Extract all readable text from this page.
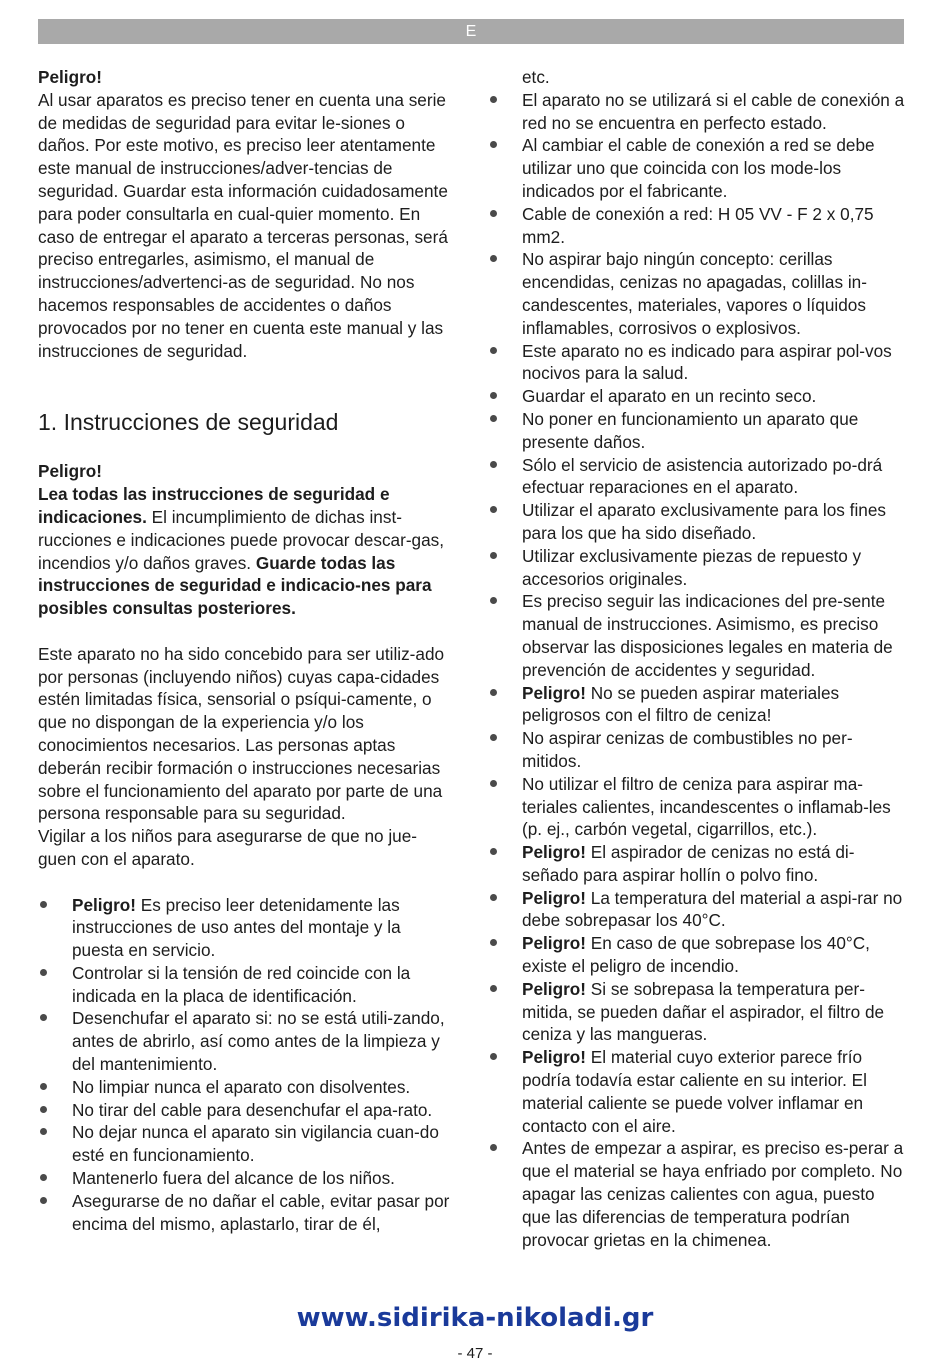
E

Peligro!

Al usar aparatos es preciso tener en cuenta una serie de medidas de seguridad para evitar le-siones o daños. Por este motivo, es preciso leer atentamente este manual de instrucciones/adver-tencias de seguridad. Guardar esta información cuidadosamente para poder consultarla en cual-quier momento. En caso de entregar el aparato a terceras personas, será preciso entregarles, asimismo, el manual de instrucciones/advertenci-as de seguridad. No nos hacemos responsables de accidentes o daños provocados por no tener en cuenta este manual y las instrucciones de seguridad.

1. Instrucciones de seguridad

Peligro!

Lea todas las instrucciones de seguridad e indicaciones. El incumplimiento de dichas inst-rucciones e indicaciones puede provocar descar-gas, incendios y/o daños graves. Guarde todas las instrucciones de seguridad e indicacio-nes para posibles consultas posteriores.

Este aparato no ha sido concebido para ser utiliz-ado por personas (incluyendo niños) cuyas capa-cidades estén limitadas física, sensorial o psíqui-camente, o que no dispongan de la experiencia y/o los conocimientos necesarios. Las personas aptas deberán recibir formación o instrucciones necesarias sobre el funcionamiento del aparato por parte de una persona responsable para su seguridad.

Vigilar a los niños para asegurarse de que no jue-guen con el aparato.

Peligro! Es preciso leer detenidamente las instrucciones de uso antes del montaje y la puesta en servicio.
Controlar si la tensión de red coincide con la indicada en la placa de identificación.
Desenchufar el aparato si: no se está utili-zando, antes de abrirlo, así como antes de la limpieza y del mantenimiento.
No limpiar nunca el aparato con disolventes.
No tirar del cable para desenchufar el apa-rato.
No dejar nunca el aparato sin vigilancia cuan-do esté en funcionamiento.
Mantenerlo fuera del alcance de los niños.
Asegurarse de no dañar el cable, evitar pasar por encima del mismo, aplastarlo, tirar de él,

etc.

El aparato no se utilizará si el cable de conexión a red no se encuentra en perfecto estado.
Al cambiar el cable de conexión a red se debe utilizar uno que coincida con los mode-los indicados por el fabricante.
Cable de conexión a red: H 05 VV - F 2 x 0,75 mm2.
No aspirar bajo ningún concepto: cerillas encendidas, cenizas no apagadas, colillas in-candescentes, materiales, vapores o líquidos inflamables, corrosivos o explosivos.
Este aparato no es indicado para aspirar pol-vos nocivos para la salud.
Guardar el aparato en un recinto seco.
No poner en funcionamiento un aparato que presente daños.
Sólo el servicio de asistencia autorizado po-drá efectuar reparaciones en el aparato.
Utilizar el aparato exclusivamente para los fines para los que ha sido diseñado.
Utilizar exclusivamente piezas de repuesto y accesorios originales.
Es preciso seguir las indicaciones del pre-sente manual de instrucciones. Asimismo, es preciso observar las disposiciones legales en materia de prevención de accidentes y seguridad.
Peligro! No se pueden aspirar materiales peligrosos con el filtro de ceniza!
No aspirar cenizas de combustibles no per-mitidos.
No utilizar el filtro de ceniza para aspirar ma-teriales calientes, incandescentes o inflamab-les (p. ej., carbón vegetal, cigarrillos, etc.).
Peligro! El aspirador de cenizas no está di-señado para aspirar hollín o polvo fino.
Peligro! La temperatura del material a aspi-rar no debe sobrepasar los 40°C.
Peligro! En caso de que sobrepase los 40°C, existe el peligro de incendio.
Peligro! Si se sobrepasa la temperatura per-mitida, se pueden dañar el aspirador, el filtro de ceniza y las mangueras.
Peligro! El material cuyo exterior parece frío podría todavía estar caliente en su interior. El material caliente se puede volver inflamar en contacto con el aire.
Antes de empezar a aspirar, es preciso es-perar a que el material se haya enfriado por completo. No apagar las cenizas calientes con agua, puesto que las diferencias de temperatura podrían provocar grietas en la chimenea.
www.sidirika-nikoladi.gr
- 47 -
